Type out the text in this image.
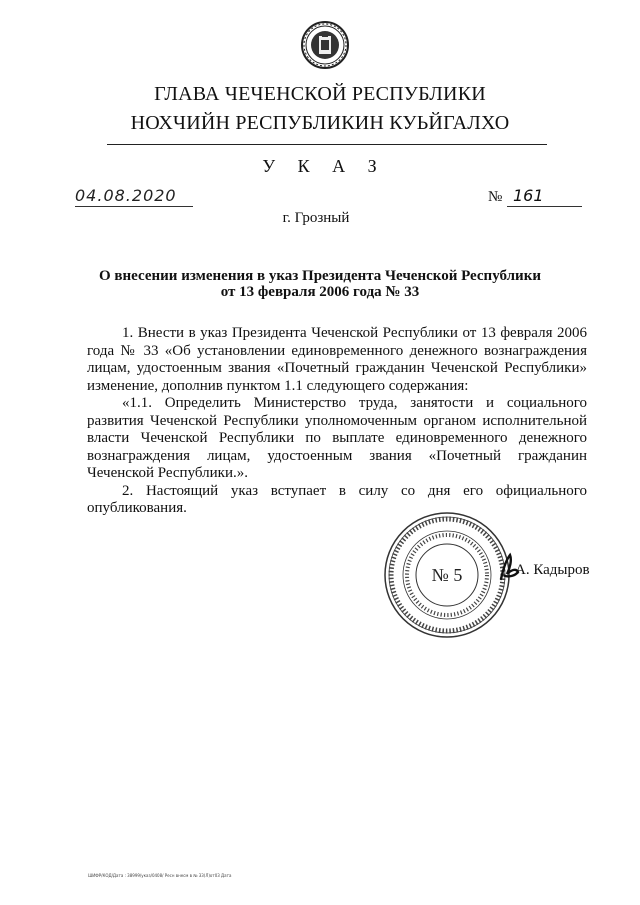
ГЛАВА ЧЕЧЕНСКОЙ РЕСПУБЛИКИ
НОХЧИЙН РЕСПУБЛИКИН КУЬЙГАЛХО
У К А З
04.08.2020	№ 161
г. Грозный
О внесении изменения в указ Президента Чеченской Республики
от 13 февраля 2006 года № 33

1. Внести в указ Президента Чеченской Республики от 13 февраля 2006 года № 33 «Об установлении единовременного денежного вознаграждения лицам, удостоенным звания «Почетный гражданин Чеченской Республики» изменение, дополнив пунктом 1.1 следующего содержания:

«1.1. Определить Министерство труда, занятости и социального развития Чеченской Республики уполномоченным органом исполнительной власти Чеченской Республики по выплате единовременного денежного вознаграждения лицам, удостоенным звания «Почетный гражданин Чеченской Республики.».

2. Настоящий указ вступает в силу со дня его официального опубликования.

№ 5	А. Кадыров
ШИФР/КОД/Дата : 38999/указ/0408/ Ресн внесм в № 33(Л)от03 Дата
